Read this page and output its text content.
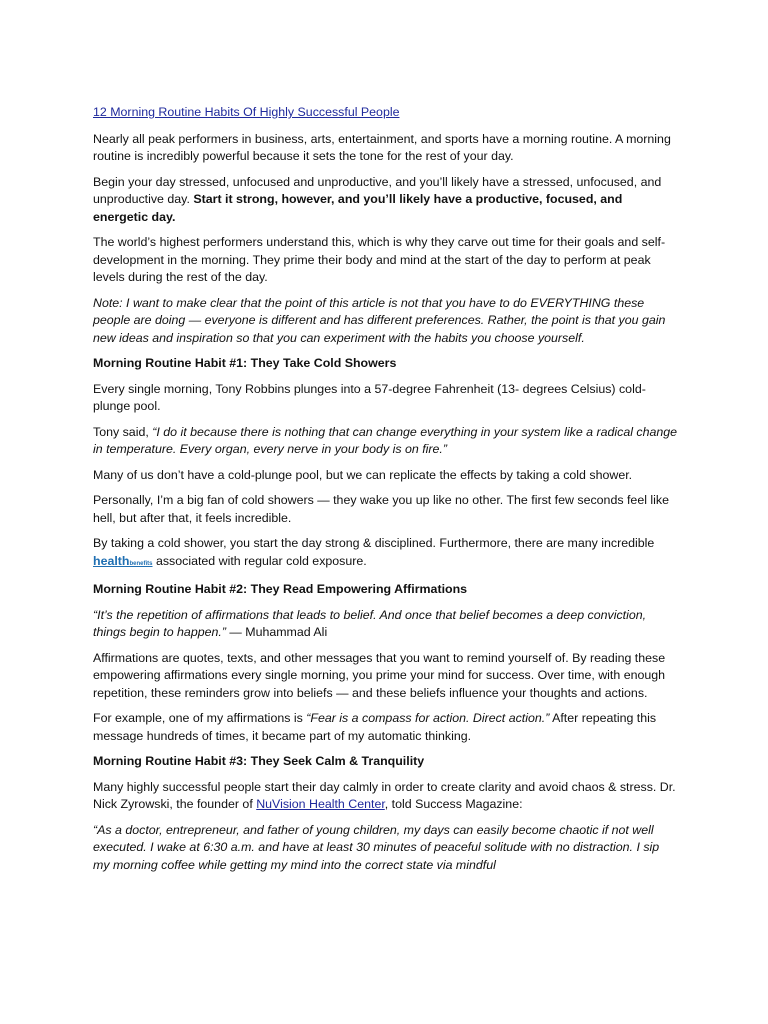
12 Morning Routine Habits Of Highly Successful People

Nearly all peak performers in business, arts, entertainment, and sports have a morning routine. A morning routine is incredibly powerful because it sets the tone for the rest of your day.

Begin your day stressed, unfocused and unproductive, and you’ll likely have a stressed, unfocused, and unproductive day. Start it strong, however, and you’ll likely have a productive, focused, and energetic day.

The world’s highest performers understand this, which is why they carve out time for their goals and self-development in the morning. They prime their body and mind at the start of the day to perform at peak levels during the rest of the day.

Note: I want to make clear that the point of this article is not that you have to do EVERYTHING these people are doing — everyone is different and has different preferences. Rather, the point is that you gain new ideas and inspiration so that you can experiment with the habits you choose yourself.

Morning Routine Habit #1: They Take Cold Showers

Every single morning, Tony Robbins plunges into a 57-degree Fahrenheit (13- degrees Celsius) cold-plunge pool.

Tony said, “I do it because there is nothing that can change everything in your system like a radical change in temperature. Every organ, every nerve in your body is on fire.”

Many of us don’t have a cold-plunge pool, but we can replicate the effects by taking a cold shower.

Personally, I’m a big fan of cold showers — they wake you up like no other. The first few seconds feel like hell, but after that, it feels incredible.

By taking a cold shower, you start the day strong & disciplined. Furthermore, there are many incredible healthbenefits associated with regular cold exposure.

Morning Routine Habit #2: They Read Empowering Affirmations

“It’s the repetition of affirmations that leads to belief. And once that belief becomes a deep conviction, things begin to happen.” — Muhammad Ali

Affirmations are quotes, texts, and other messages that you want to remind yourself of. By reading these empowering affirmations every single morning, you prime your mind for success. Over time, with enough repetition, these reminders grow into beliefs — and these beliefs influence your thoughts and actions.

For example, one of my affirmations is “Fear is a compass for action. Direct action.” After repeating this message hundreds of times, it became part of my automatic thinking.

Morning Routine Habit #3: They Seek Calm & Tranquility

Many highly successful people start their day calmly in order to create clarity and avoid chaos & stress. Dr. Nick Zyrowski, the founder of NuVision Health Center, told Success Magazine:

“As a doctor, entrepreneur, and father of young children, my days can easily become chaotic if not well executed. I wake at 6:30 a.m. and have at least 30 minutes of peaceful solitude with no distraction. I sip my morning coffee while getting my mind into the correct state via mindful
